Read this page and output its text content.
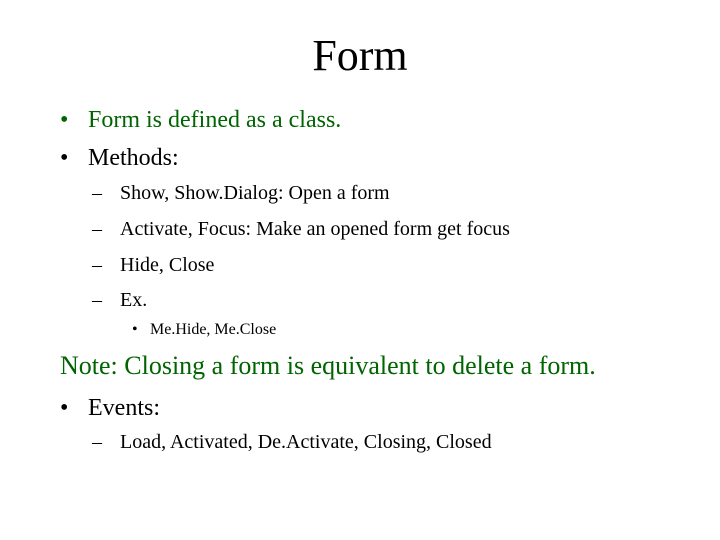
Form
• Form is defined as a class.
• Methods:
– Show, Show.Dialog: Open a form
– Activate, Focus: Make an opened form get focus
– Hide, Close
– Ex.
• Me.Hide, Me.Close
Note: Closing a form is equivalent to delete a form.
• Events:
– Load, Activated, De.Activate, Closing, Closed
